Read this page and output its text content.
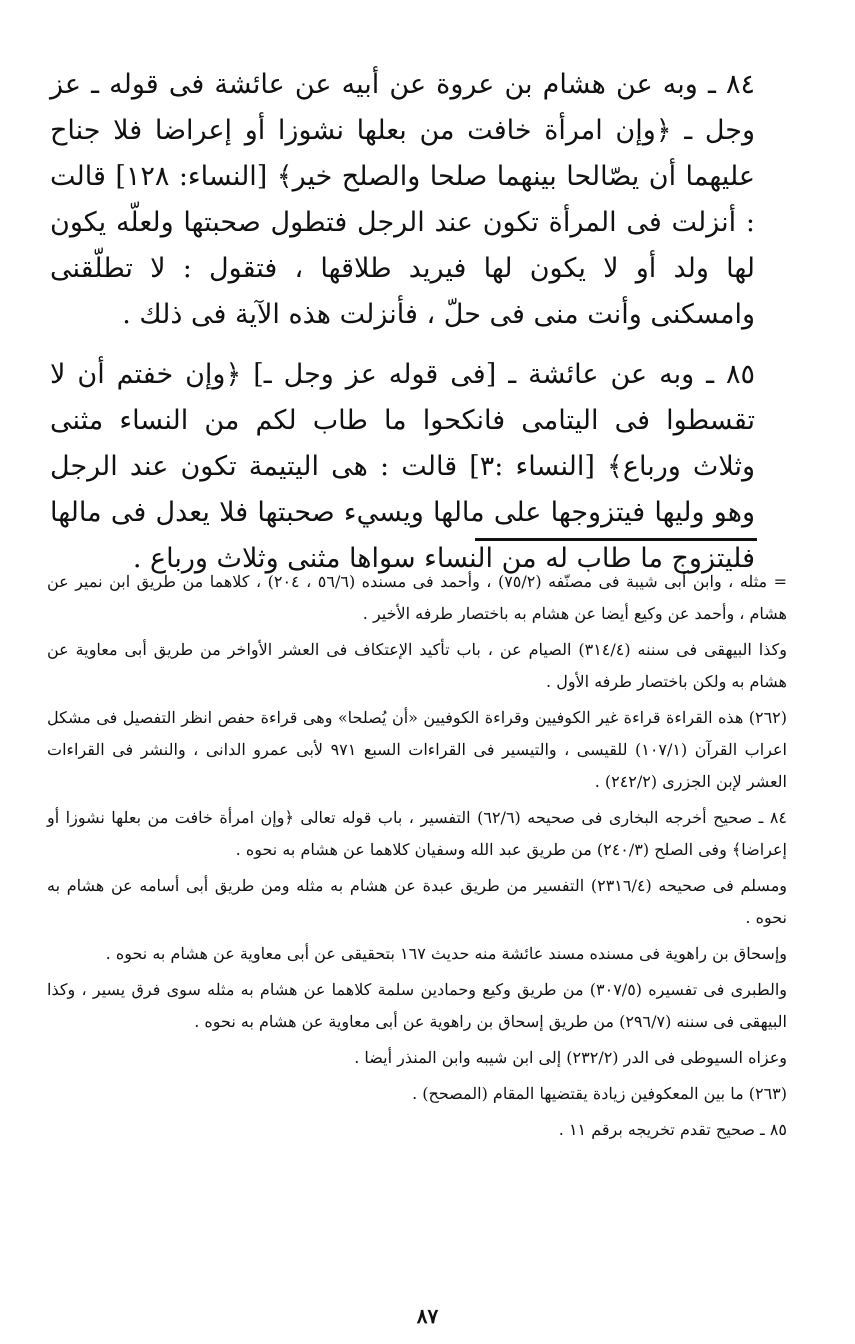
٨٤ ـ وبه عن هشام بن عروة عن أبيه عن عائشة فى قوله ـ عز وجل ـ ﴿وإن امرأة خافت من بعلها نشوزا أو إعراضا فلا جناح عليهما أن يصّالحا بينهما صلحا والصلح خير﴾ [النساء: ١٢٨] قالت : أنزلت فى المرأة تكون عند الرجل فتطول صحبتها ولعلّه يكون لها ولد أو لا يكون لها فيريد طلاقها ، فتقول : لا تطلّقنى وامسكنى وأنت منى فى حلّ ، فأنزلت هذه الآية فى ذلك .

٨٥ ـ وبه عن عائشة ـ [فى قوله عز وجل ـ] ﴿وإن خفتم أن لا تقسطوا فى اليتامى فانكحوا ما طاب لكم من النساء مثنى وثلاث ورباع﴾ [النساء :٣] قالت : هى اليتيمة تكون عند الرجل وهو وليها فيتزوجها على مالها ويسيء صحبتها فلا يعدل فى مالها فليتزوج ما طاب له من النساء سواها مثنى وثلاث ورباع .

= مثله ، وابن أبى شيبة فى مصنّفه (٧٥/٢) ، وأحمد فى مسنده (٥٦/٦ ، ٢٠٤) ، كلاهما من طريق ابن نمير عن هشام ، وأحمد عن وكيع أيضا عن هشام به باختصار طرفه الأخير .

وكذا البيهقى فى سننه (٣١٤/٤) الصيام عن ، باب تأكيد الإعتكاف فى العشر الأواخر من طريق أبى معاوية عن هشام به ولكن باختصار طرفه الأول .

(٢٦٢) هذه القراءة قراءة غير الكوفيين وقراءة الكوفيين «أن يُصلحا» وهى قراءة حفص انظر التفصيل فى مشكل اعراب القرآن (١٠٧/١) للقيسى ، والتيسير فى القراءات السبع ٩٧١ لأبى عمرو الدانى ، والنشر فى القراءات العشر لإبن الجزرى (٢٤٢/٢) .

٨٤ ـ صحيح أخرجه البخارى فى صحيحه (٦٢/٦) التفسير ، باب قوله تعالى ﴿وإن امرأة خافت من بعلها نشوزا أو إعراضا﴾ وفى الصلح (٢٤٠/٣) من طريق عبد الله وسفيان كلاهما عن هشام به نحوه .

ومسلم فى صحيحه (٢٣١٦/٤) التفسير من طريق عبدة عن هشام به مثله ومن طريق أبى أسامه عن هشام به نحوه .

وإسحاق بن راهوية فى مسنده مسند عائشة منه حديث ١٦٧ بتحقيقى عن أبى معاوية عن هشام به نحوه .

والطبرى فى تفسيره (٣٠٧/٥) من طريق وكيع وحمادين سلمة كلاهما عن هشام به مثله سوى فرق يسير ، وكذا البيهقى فى سننه (٢٩٦/٧) من طريق إسحاق بن راهوية عن أبى معاوية عن هشام به نحوه .

وعزاه السيوطى فى الدر (٢٣٢/٢) إلى ابن شيبه وابن المنذر أيضا .

(٢٦٣) ما بين المعكوفين زيادة يقتضيها المقام (المصحح) .

٨٥ ـ صحيح تقدم تخريجه برقم ١١ .

٨٧
